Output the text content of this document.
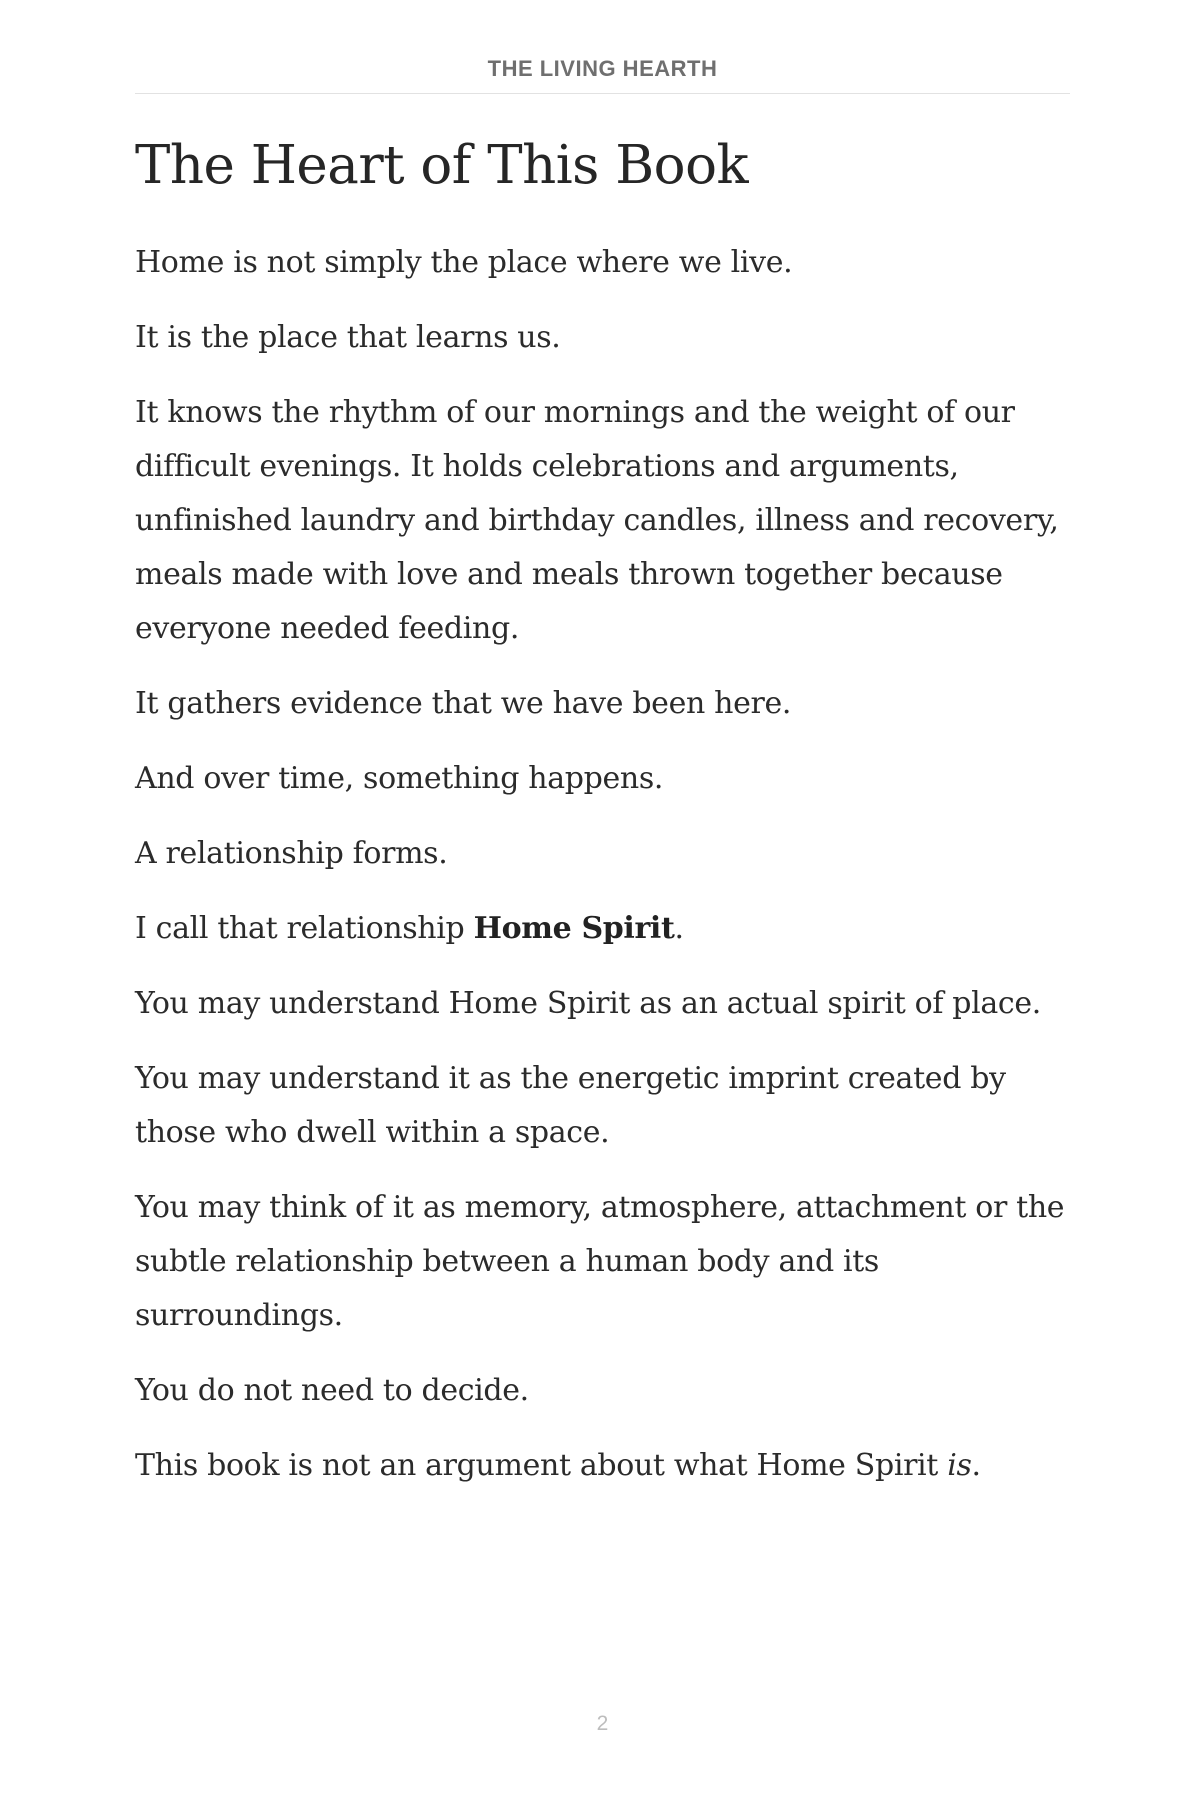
THE LIVING HEARTH
The Heart of This Book

Home is not simply the place where we live.

It is the place that learns us.

It knows the rhythm of our mornings and the weight of our difficult evenings. It holds celebrations and arguments, unfinished laundry and birthday candles, illness and recovery, meals made with love and meals thrown together because everyone needed feeding.

It gathers evidence that we have been here.

And over time, something happens.

A relationship forms.

I call that relationship Home Spirit.

You may understand Home Spirit as an actual spirit of place.

You may understand it as the energetic imprint created by those who dwell within a space.

You may think of it as memory, atmosphere, attachment or the subtle relationship between a human body and its surroundings.

You do not need to decide.

This book is not an argument about what Home Spirit is.

2
